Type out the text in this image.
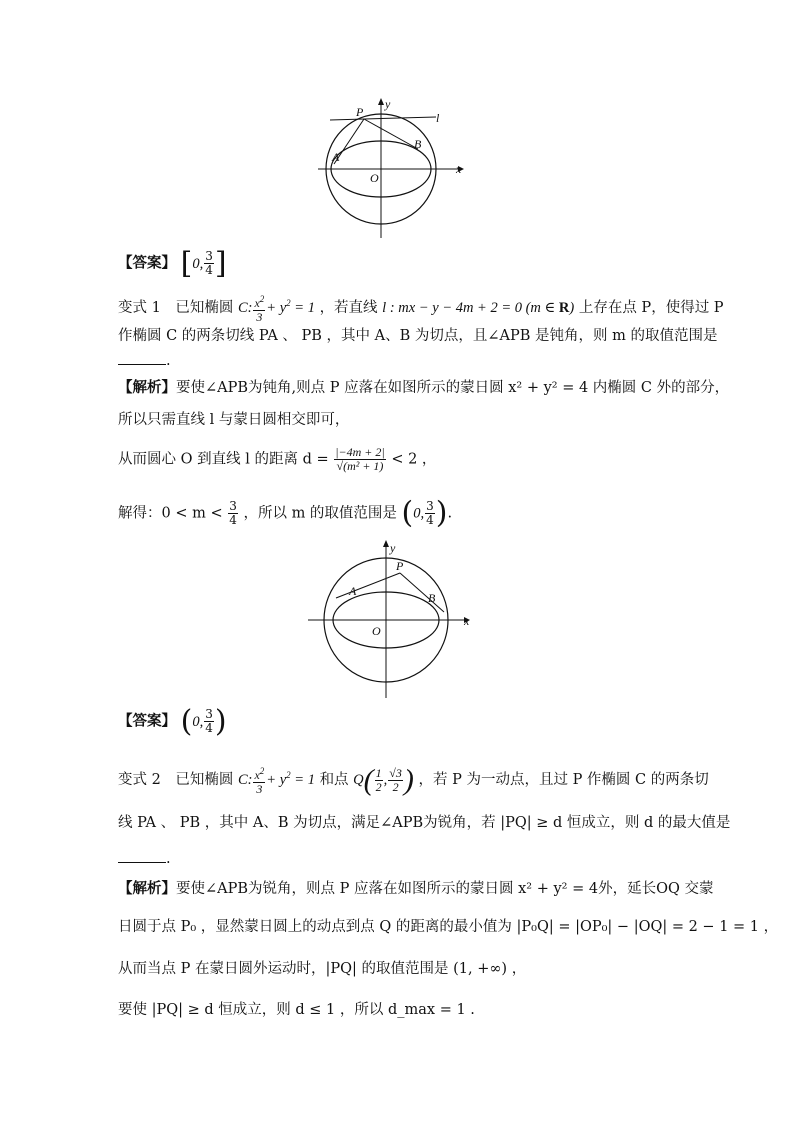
P
y
l
A
B
O
x
【答案】 [0, $\frac{3}{4}$ ]
变式 1　已知椭圆 C: $\frac{x^2}{3} + y^2 = 1$ ，若直线 l : mx − y − 4m + 2 = 0 (m ∈ R) 上存在点 P，使得过 P
作椭圆 C 的两条切线 PA 、 PB ，其中 A、B 为切点，且∠APB 是钝角，则 m 的取值范围是
.
【解析】要使∠APB为钝角,则点 P 应落在如图所示的蒙日圆 x² + y² = 4 内椭圆 C 外的部分，
所以只需直线 l 与蒙日圆相交即可，
从而圆心 O 到直线 l 的距离 $d = \frac{|-4m + 2|}{\text{√(m² + 1)}} < 2$ ，
解得：$0 < m < \frac{3}{4}$ ，所以 m 的取值范围是 (0, $\frac{3}{4}$ ).
y
P
A	B
O
x
【答案】 (0, $\frac{3}{4}$ )
变式 2　已知椭圆 C: $\frac{x^2}{3} + y^2 = 1$ 和点 $Q( \frac{1}{2}$ , $\frac{√3}{2}$ ) ，若 P 为一动点，且过 P 作椭圆 C 的两条切
线 PA 、 PB ，其中 A、B 为切点，满足∠APB为锐角，若 |PQ| ≥ d 恒成立，则 d 的最大值是
.
【解析】要使∠APB为锐角，则点 P 应落在如图所示的蒙日圆 x² + y² = 4外，延长OQ 交蒙
日圆于点 P₀ ，显然蒙日圆上的动点到点 Q 的距离的最小值为 |P₀Q| = |OP₀| − |OQ| = 2 − 1 = 1 ，
从而当点 P 在蒙日圆外运动时，|PQ| 的取值范围是 (1, +∞) ，
要使 |PQ| ≥ d 恒成立，则 d ≤ 1 ，所以 d_max = 1 .
